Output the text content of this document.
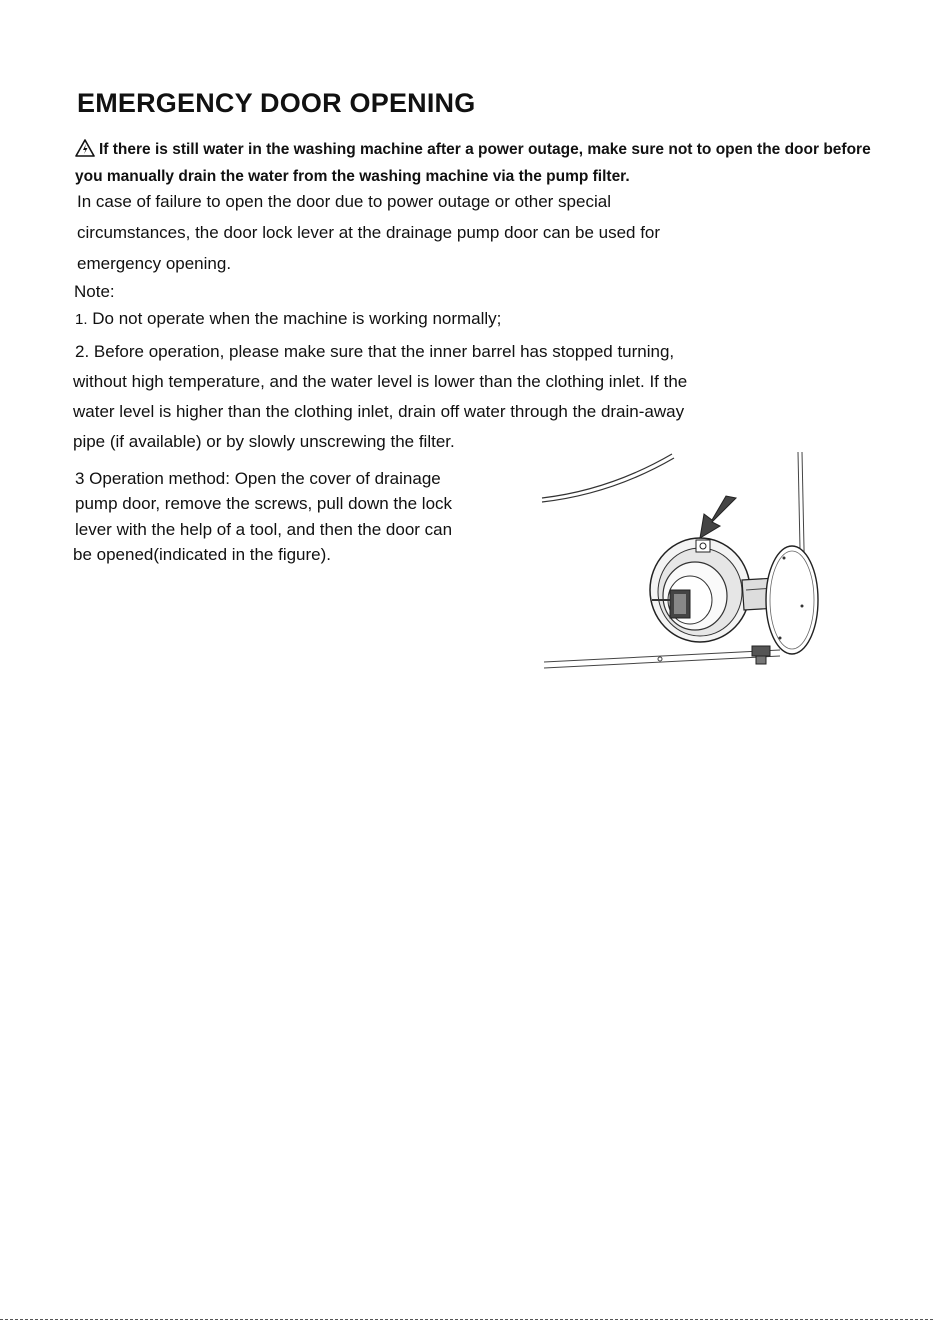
EMERGENCY DOOR OPENING
If there is still water in the washing machine after a power outage, make sure not to open the door before you manually drain the water from the washing machine via the pump filter.
In case of failure to open the door due to power outage or other special
circumstances, the door lock lever at the drainage pump door can be used for
emergency opening.
Note:
1. Do not operate when the machine is working normally;
2. Before operation, please make sure that the inner barrel has stopped turning,
without high temperature, and the water level is lower than the clothing inlet. If the
water level is higher than the clothing inlet, drain off water through the drain-away
pipe (if available) or by slowly unscrewing the filter.
3 Operation method: Open the cover of drainage
pump door, remove the screws, pull down the lock
lever with the help of a tool, and then the door can
be opened(indicated in the figure).
